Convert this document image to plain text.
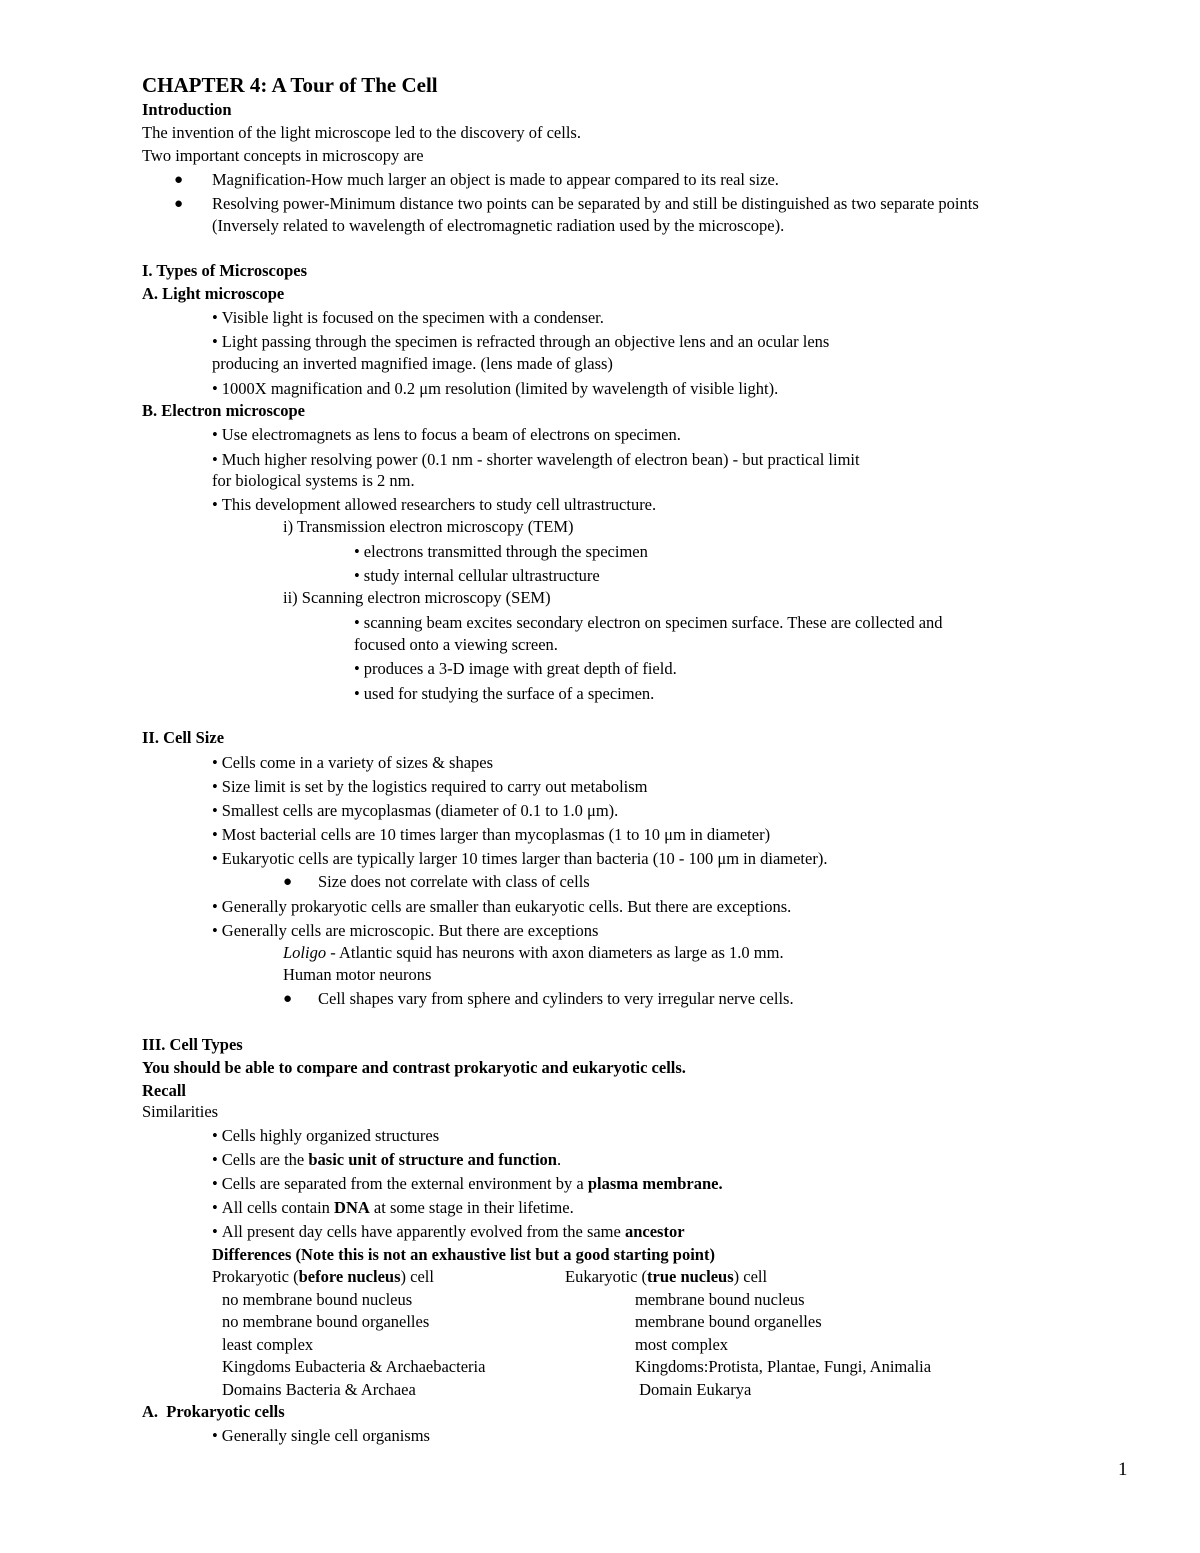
CHAPTER 4: A Tour of The Cell
Introduction
The invention of the light microscope led to the discovery of cells.
Two important concepts in microscopy are
● Magnification-How much larger an object is made to appear compared to its real size.
● Resolving power-Minimum distance two points can be separated by and still be distinguished as two separate points
(Inversely related to wavelength of electromagnetic radiation used by the microscope).
I. Types of Microscopes
A. Light microscope
• Visible light is focused on the specimen with a condenser.
• Light passing through the specimen is refracted through an objective lens and an ocular lens
producing an inverted magnified image. (lens made of glass)
• 1000X magnification and 0.2 μm resolution (limited by wavelength of visible light).
B. Electron microscope
• Use electromagnets as lens to focus a beam of electrons on specimen.
• Much higher resolving power (0.1 nm - shorter wavelength of electron bean) - but practical limit
for biological systems is 2 nm.
• This development allowed researchers to study cell ultrastructure.
i) Transmission electron microscopy (TEM)
• electrons transmitted through the specimen
• study internal cellular ultrastructure
ii) Scanning electron microscopy (SEM)
• scanning beam excites secondary electron on specimen surface. These are collected and
focused onto a viewing screen.
• produces a 3-D image with great depth of field.
• used for studying the surface of a specimen.
II. Cell Size
• Cells come in a variety of sizes & shapes
• Size limit is set by the logistics required to carry out metabolism
• Smallest cells are mycoplasmas (diameter of 0.1 to 1.0 μm).
• Most bacterial cells are 10 times larger than mycoplasmas (1 to 10 μm in diameter)
• Eukaryotic cells are typically larger 10 times larger than bacteria (10 - 100 μm in diameter).
● Size does not correlate with class of cells
• Generally prokaryotic cells are smaller than eukaryotic cells. But there are exceptions.
• Generally cells are microscopic. But there are exceptions
Loligo - Atlantic squid has neurons with axon diameters as large as 1.0 mm.
Human motor neurons
● Cell shapes vary from sphere and cylinders to very irregular nerve cells.
III. Cell Types
You should be able to compare and contrast prokaryotic and eukaryotic cells.
Recall
Similarities
• Cells highly organized structures
• Cells are the basic unit of structure and function.
• Cells are separated from the external environment by a plasma membrane.
• All cells contain DNA at some stage in their lifetime.
• All present day cells have apparently evolved from the same ancestor
Differences (Note this is not an exhaustive list but a good starting point)
Prokaryotic (before nucleus) cell	Eukaryotic (true nucleus) cell
no membrane bound nucleus	membrane bound nucleus
no membrane bound organelles	membrane bound organelles
least complex	most complex
Kingdoms Eubacteria & Archaebacteria	Kingdoms:Protista, Plantae, Fungi, Animalia
Domains Bacteria & Archaea	Domain Eukarya
A.  Prokaryotic cells
• Generally single cell organisms
1
